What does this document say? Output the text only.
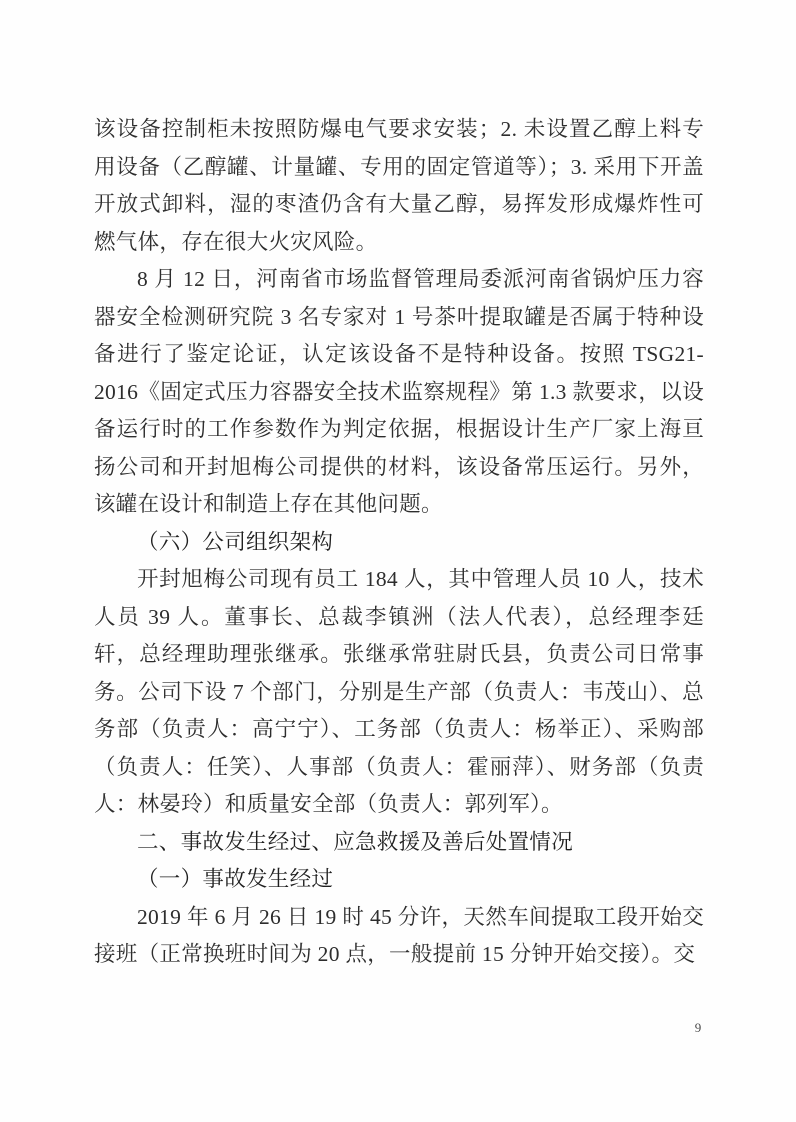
该设备控制柜未按照防爆电气要求安装；2. 未设置乙醇上料专用设备（乙醇罐、计量罐、专用的固定管道等）；3. 采用下开盖开放式卸料，湿的枣渣仍含有大量乙醇，易挥发形成爆炸性可燃气体，存在很大火灾风险。

8 月 12 日，河南省市场监督管理局委派河南省锅炉压力容器安全检测研究院 3 名专家对 1 号茶叶提取罐是否属于特种设备进行了鉴定论证，认定该设备不是特种设备。按照 TSG21-2016《固定式压力容器安全技术监察规程》第 1.3 款要求，以设备运行时的工作参数作为判定依据，根据设计生产厂家上海亘扬公司和开封旭梅公司提供的材料，该设备常压运行。另外，该罐在设计和制造上存在其他问题。

（六）公司组织架构

开封旭梅公司现有员工 184 人，其中管理人员 10 人，技术人员 39 人。董事长、总裁李镇洲（法人代表），总经理李廷轩，总经理助理张继承。张继承常驻尉氏县，负责公司日常事务。公司下设 7 个部门，分别是生产部（负责人：韦茂山）、总务部（负责人：高宁宁）、工务部（负责人：杨举正）、采购部（负责人：任笑）、人事部（负责人：霍丽萍）、财务部（负责人：林晏玲）和质量安全部（负责人：郭列军）。

二、事故发生经过、应急救援及善后处置情况
（一）事故发生经过

2019 年 6 月 26 日 19 时 45 分许，天然车间提取工段开始交接班（正常换班时间为 20 点，一般提前 15 分钟开始交接）。交

9
